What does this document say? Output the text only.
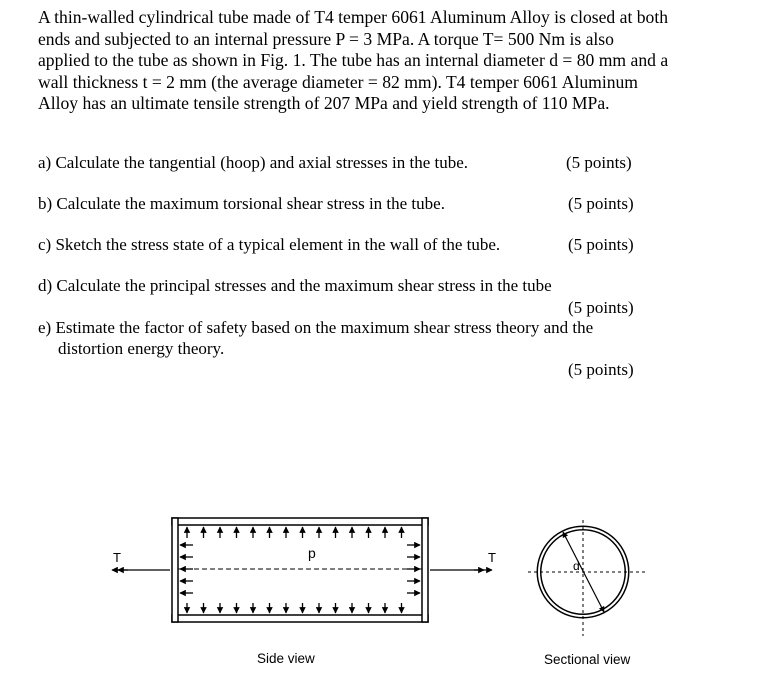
A thin-walled cylindrical tube made of T4 temper 6061 Aluminum Alloy is closed at both
ends and subjected to an internal pressure P = 3 MPa. A torque T= 500 Nm is also
applied to the tube as shown in Fig. 1. The tube has an internal diameter d = 80 mm and a
wall thickness t = 2 mm (the average diameter = 82 mm). T4 temper 6061 Aluminum
Alloy has an ultimate tensile strength of 207 MPa and yield strength of 110 MPa.
a) Calculate the tangential (hoop) and axial stresses in the tube.	(5 points)
b) Calculate the maximum torsional shear stress in the tube.	(5 points)
c) Sketch the stress state of a typical element in the wall of the tube.	(5 points)
d) Calculate the principal stresses and the maximum shear stress in the tube
(5 points)
e) Estimate the factor of safety based on the maximum shear stress theory and the
distortion energy theory.
(5 points)
T	p	T
d
Side view	Sectional view
